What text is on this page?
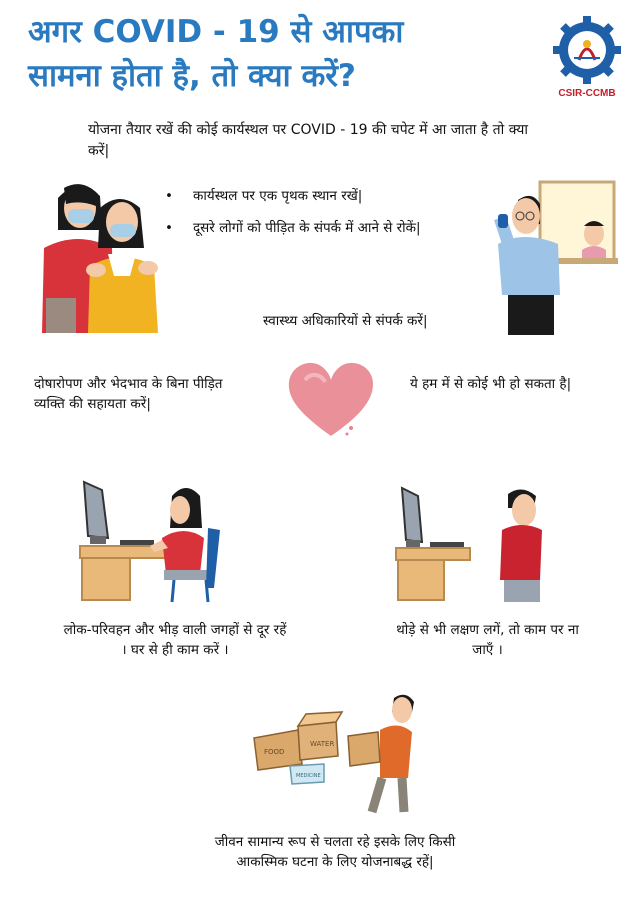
अगर COVID - 19 से आपका
सामना होता है, तो क्या करें?	CSIR-CCMB
योजना तैयार रखें की कोई कार्यस्थल पर COVID - 19 की चपेट में आ जाता है तो क्या करें|
• कार्यस्थल पर एक पृथक स्थान रखें|
• दूसरे लोगों को पीड़ित के संपर्क में आने से रोकें|
स्वास्थ्य अधिकारियों से संपर्क करें|
दोषारोपण और भेदभाव के बिना पीड़ित व्यक्ति की सहायता करें|
ये हम में से कोई भी हो सकता है|
लोक-परिवहन और भीड़ वाली जगहों से दूर रहें । घर से ही काम करें ।
थोड़े से भी लक्षण लगें, तो काम पर ना जाएँ ।
FOOD
WATER
MEDICINE
जीवन सामान्य रूप से चलता रहे इसके लिए किसी आकस्मिक घटना के लिए योजनाबद्ध रहें|
